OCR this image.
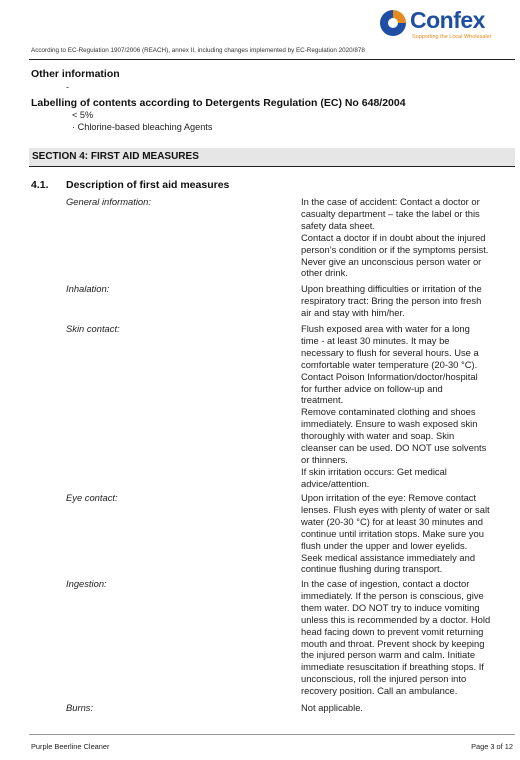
Confex
Supporting the Local Wholesaler
According to EC-Regulation 1907/2006 (REACH), annex II, including changes implemented by EC-Regulation 2020/878
Other information
-
Labelling of contents according to Detergents Regulation (EC) No 648/2004
< 5%
· Chlorine-based bleaching Agents
SECTION 4: FIRST AID MEASURES
4.1. Description of first aid measures
General information:	In the case of accident: Contact a doctor or
casualty department – take the label or this
safety data sheet.
Contact a doctor if in doubt about the injured
person’s condition or if the symptoms persist.
Never give an unconscious person water or
other drink.
Inhalation:	Upon breathing difficulties or irritation of the
respiratory tract: Bring the person into fresh
air and stay with him/her.
Skin contact:	Flush exposed area with water for a long
time - at least 30 minutes. It may be
necessary to flush for several hours. Use a
comfortable water temperature (20-30 °C).
Contact Poison Information/doctor/hospital
for further advice on follow-up and
treatment.
Remove contaminated clothing and shoes
immediately. Ensure to wash exposed skin
thoroughly with water and soap. Skin
cleanser can be used. DO NOT use solvents
or thinners.
If skin irritation occurs: Get medical
advice/attention.
Eye contact:	Upon irritation of the eye: Remove contact
lenses. Flush eyes with plenty of water or salt
water (20-30 °C) for at least 30 minutes and
continue until irritation stops. Make sure you
flush under the upper and lower eyelids.
Seek medical assistance immediately and
continue flushing during transport.
Ingestion:	In the case of ingestion, contact a doctor
immediately. If the person is conscious, give
them water. DO NOT try to induce vomiting
unless this is recommended by a doctor. Hold
head facing down to prevent vomit returning
mouth and throat. Prevent shock by keeping
the injured person warm and calm. Initiate
immediate resuscitation if breathing stops. If
unconscious, roll the injured person into
recovery position. Call an ambulance.
Burns:	Not applicable.
Purple Beerline Cleaner	Page 3 of 12
